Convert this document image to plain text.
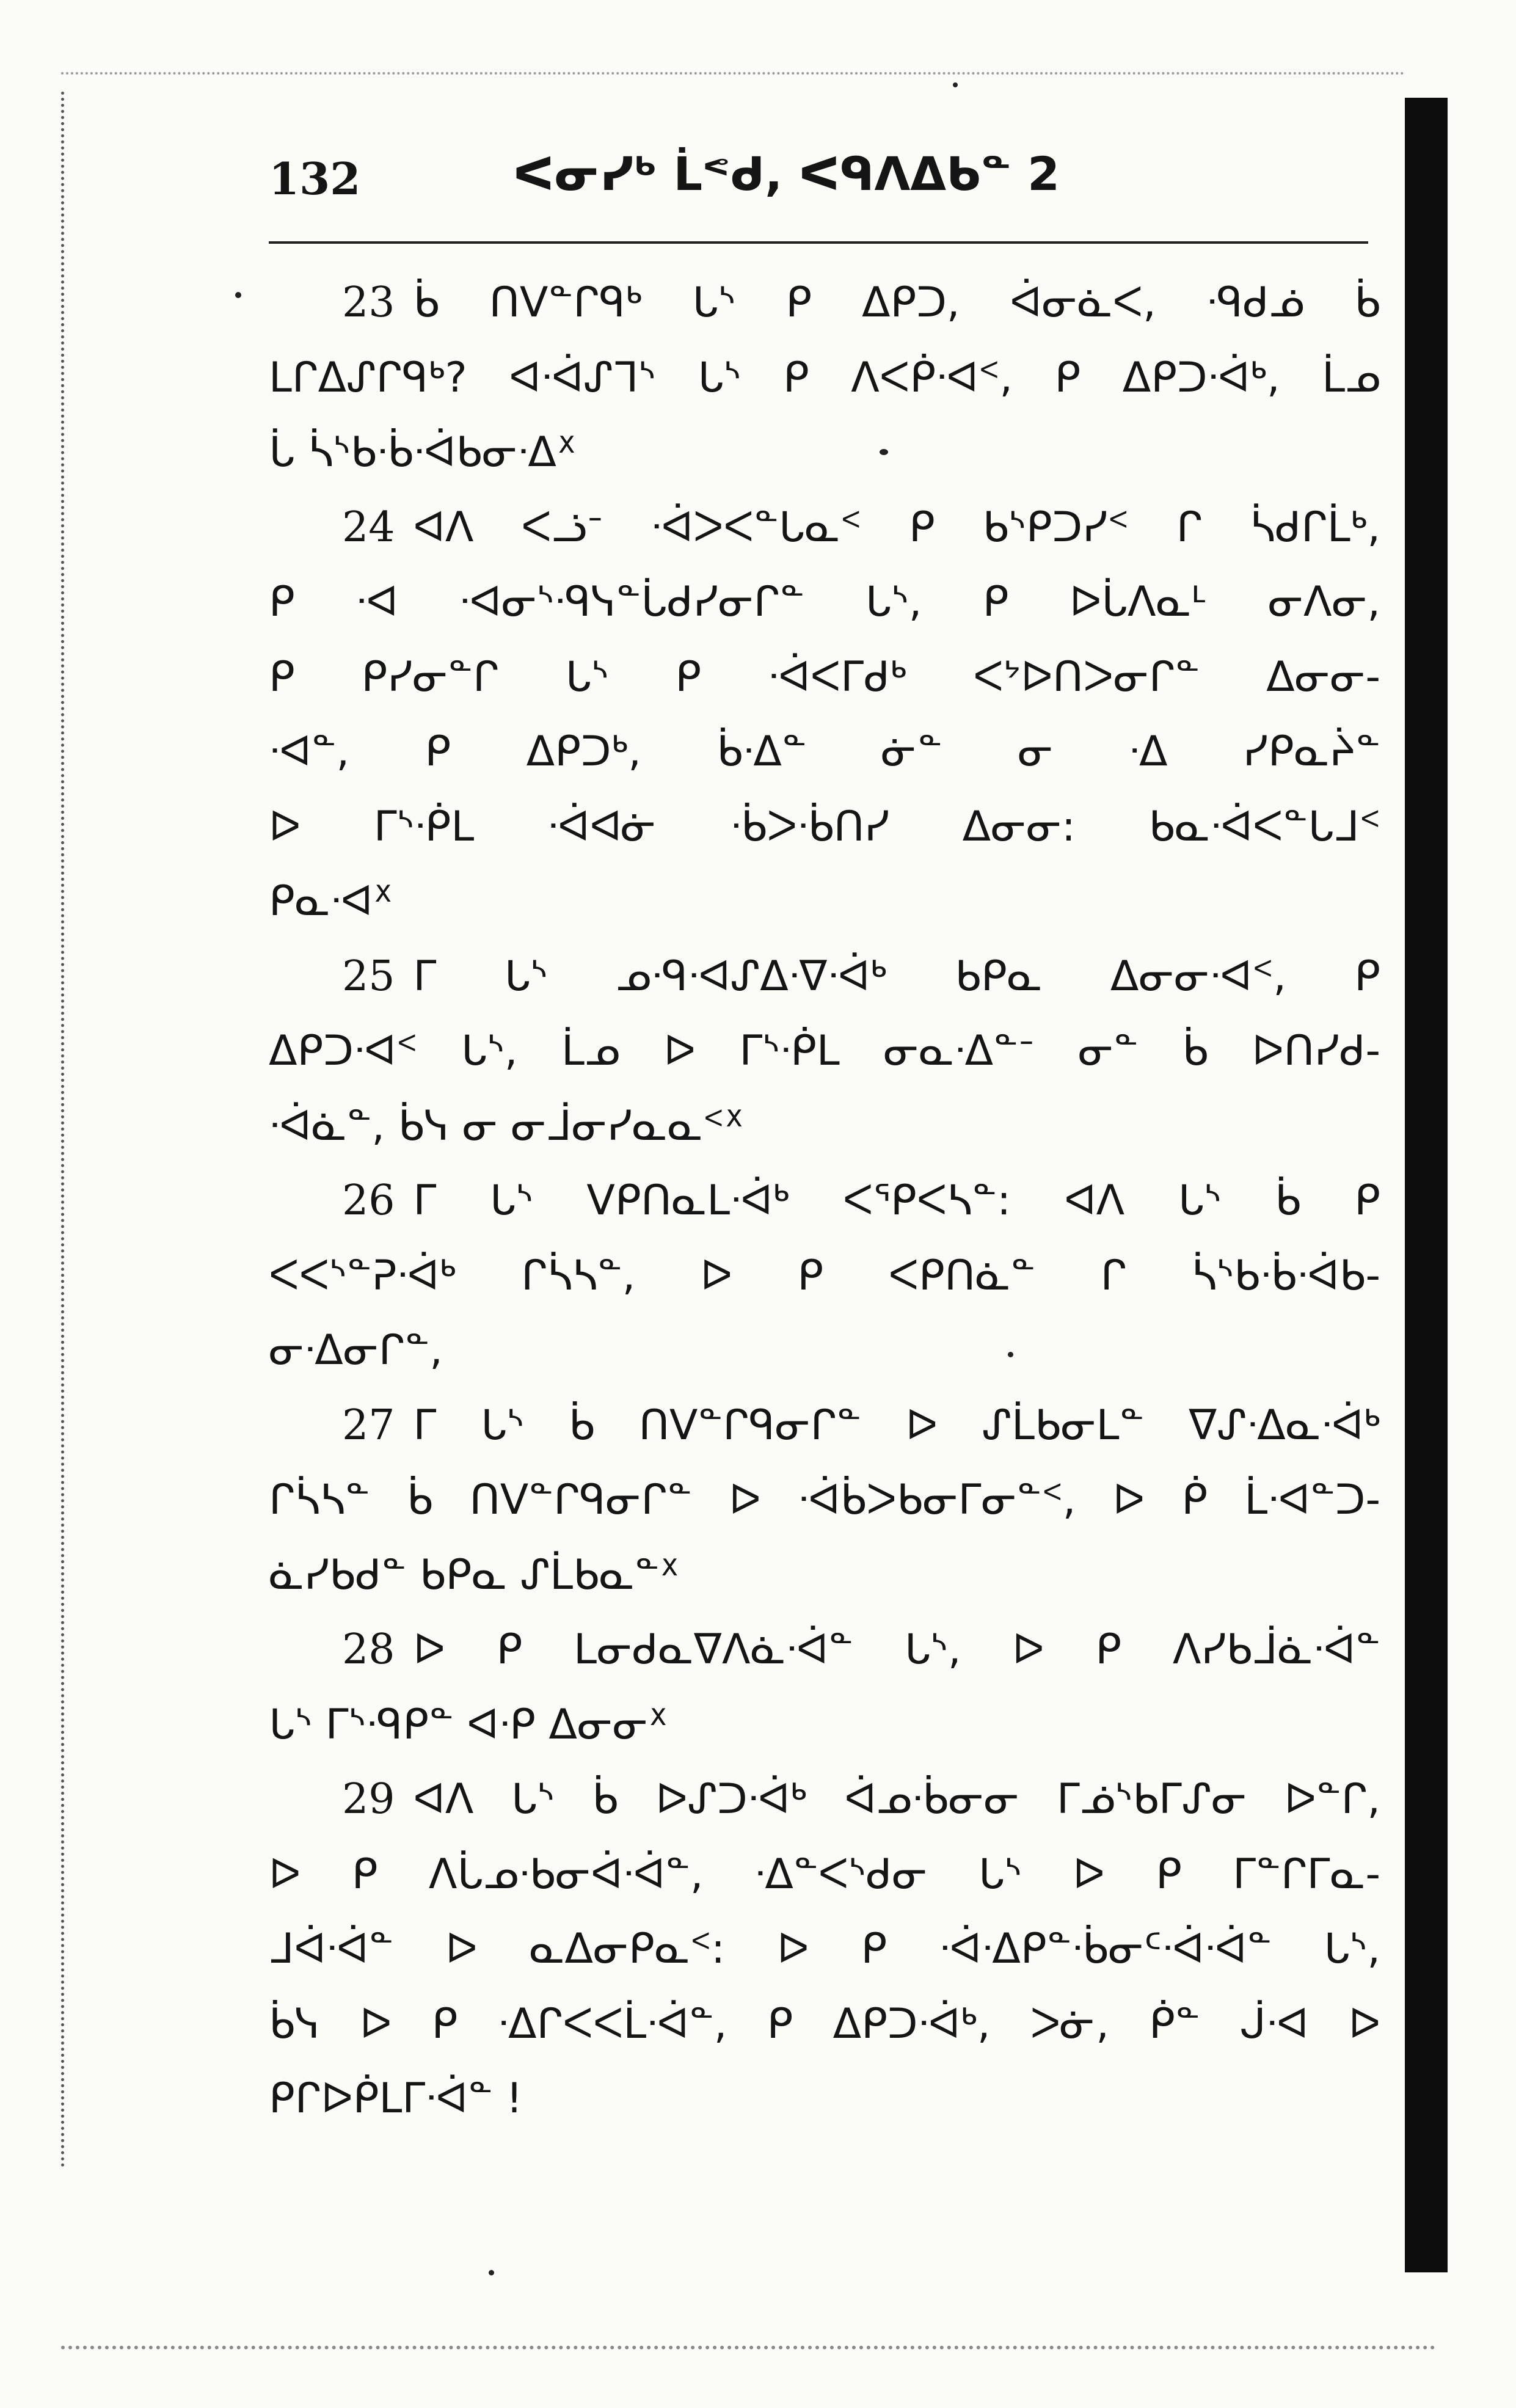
132	ᐸᓂᓯᒃ ᒫᕝᑯ, ᐸᑫᐱᐃᑲᓐ 2
23 ᑳ ᑎᐯᓐᒋᑫᒃ ᒐᔅ ᑭ ᐃᑭᑐ, ᐋᓂᓈᐸ, ᐧᑫᑯᓅ ᑳ
ᒪᒋᐃᔑᒋᑫᒃ? ᐊᐧᐋᔑᒣᔅ ᒐᔅ ᑭ ᐱᐸᑮᐧᐊᑉ, ᑭ ᐃᑭᑐᐧᐋᒃ, ᒫᓄ
ᒑ ᓵᔅᑲᐧᑳᐧᐋᑲᓂᐧᐃᕽ
24 ᐊᐱ ᐸᓘᐨ ᐧᐋᐳᐸᓐᒐᓇᑉ ᑭ ᑲᔅᑭᑐᓯᑉ ᒋ ᓵᑯᒋᒫᒃ,
ᑭ ᐧᐊ ᐧᐊᓂᔅᐧᑫᓭᓐᒑᑯᓯᓂᒋᓐ ᒐᔅ, ᑭ ᐅᒑᐱᓇᒻ ᓂᐱᓂ,
ᑭ ᑭᓯᓂᓐᒋ ᒐᔅ ᑭ ᐧᐋᐸᒥᑯᒃ ᐸᔾᐅᑎᐳᓂᒋᓐ ᐃᓂᓂ-
ᐧᐊᓐ, ᑭ ᐃᑭᑐᒃ, ᑳᐧᐃᓐ ᓃᓐ ᓂ ᐧᐃ ᓯᑭᓇᔩᓐ
ᐅ ᒥᔅᐧᑮᒪ ᐧᐋᐊᓃ ᐧᑳᐳᐧᑳᑎᓯ ᐃᓂᓂ: ᑲᓇᐧᐋᐸᓐᒐᒧᑉ
ᑭᓇᐧᐊᕽ
25 ᒥ ᒐᔅ ᓄᐧᑫᐧᐊᔑᐃᐧᐁᐧᐋᒃ ᑲᑭᓇ ᐃᓂᓂᐧᐊᑉ, ᑭ
ᐃᑭᑐᐧᐊᑉ ᒐᔅ, ᒫᓄ ᐅ ᒥᔅᐧᑮᒪ ᓂᓇᐧᐃᓐᐨ ᓂᓐ ᑳ ᐅᑎᓯᑯ-
ᐧᐋᓈᓐ, ᑳᓭ ᓂ ᓂᒨᓂᓯᓇᓇᑉᕽ
26 ᒥ ᒐᔅ ᐯᑭᑎᓇᒪᐧᐋᒃ ᐸᕿᐸᓴᓐ: ᐊᐱ ᒐᔅ ᑳ ᑭ
ᐸᐸᔅᓐᕈᐧᐋᒃ ᒋᓵᓴᓐ, ᐅ ᑭ ᐸᑭᑎᓈᓐ ᒋ ᓵᔅᑲᐧᑳᐧᐋᑲ-
ᓂᐧᐃᓂᒋᓐ,
27 ᒥ ᒐᔅ ᑳ ᑎᐯᓐᒋᑫᓂᒋᓐ ᐅ ᔑᒫᑲᓂᒪᓐ ᐁᔑᐧᐃᓇᐧᐋᒃ
ᒋᓵᓴᓐ ᑳ ᑎᐯᓐᒋᑫᓂᒋᓐ ᐅ ᐧᐋᑳᐳᑲᓂᒥᓂᓐᑉ, ᐅ ᑮ ᒫᐧᐊᓐᑐ-
ᓈᓯᑲᑯᓐ ᑲᑭᓇ ᔑᒫᑲᓇᓐᕽ
28 ᐅ ᑭ ᒪᓂᑯᓇᐁᐱᓈᐧᐋᓐ ᒐᔅ, ᐅ ᑭ ᐱᓯᑲᒨᓈᐧᐋᓐ
ᒐᔅ ᒥᔅᐧᑫᑭᓐ ᐊᐧᑭ ᐃᓂᓂᕽ
29 ᐊᐱ ᒐᔅ ᑳ ᐅᔑᑐᐧᐋᒃ ᐋᓄᐧᑳᓂᓂ ᒥᓅᔅᑲᒥᔑᓂ ᐅᓐᒋ,
ᐅ ᑭ ᐱᒑᓄᐧᑲᓂᐋᐧᐋᓐ, ᐧᐃᓐᐸᔅᑯᓂ ᒐᔅ ᐅ ᑭ ᒥᓐᒋᒥᓇ-
ᒧᐋᐧᐋᓐ ᐅ ᓇᐃᓂᑭᓇᑉ: ᐅ ᑭ ᐧᐋᐧᐃᑭᓐᐧᑳᓂᑦᐧᐋᐧᐋᓐ ᒐᔅ,
ᑳᓭ ᐅ ᑭ ᐧᐃᒋᐸᐸᒫᐧᐋᓐ, ᑭ ᐃᑭᑐᐧᐋᒃ, ᐳᓃ, ᑮᓐ ᒎᐧᐊ ᐅ
ᑭᒋᐅᑮᒪᒥᐧᐋᓐ !
